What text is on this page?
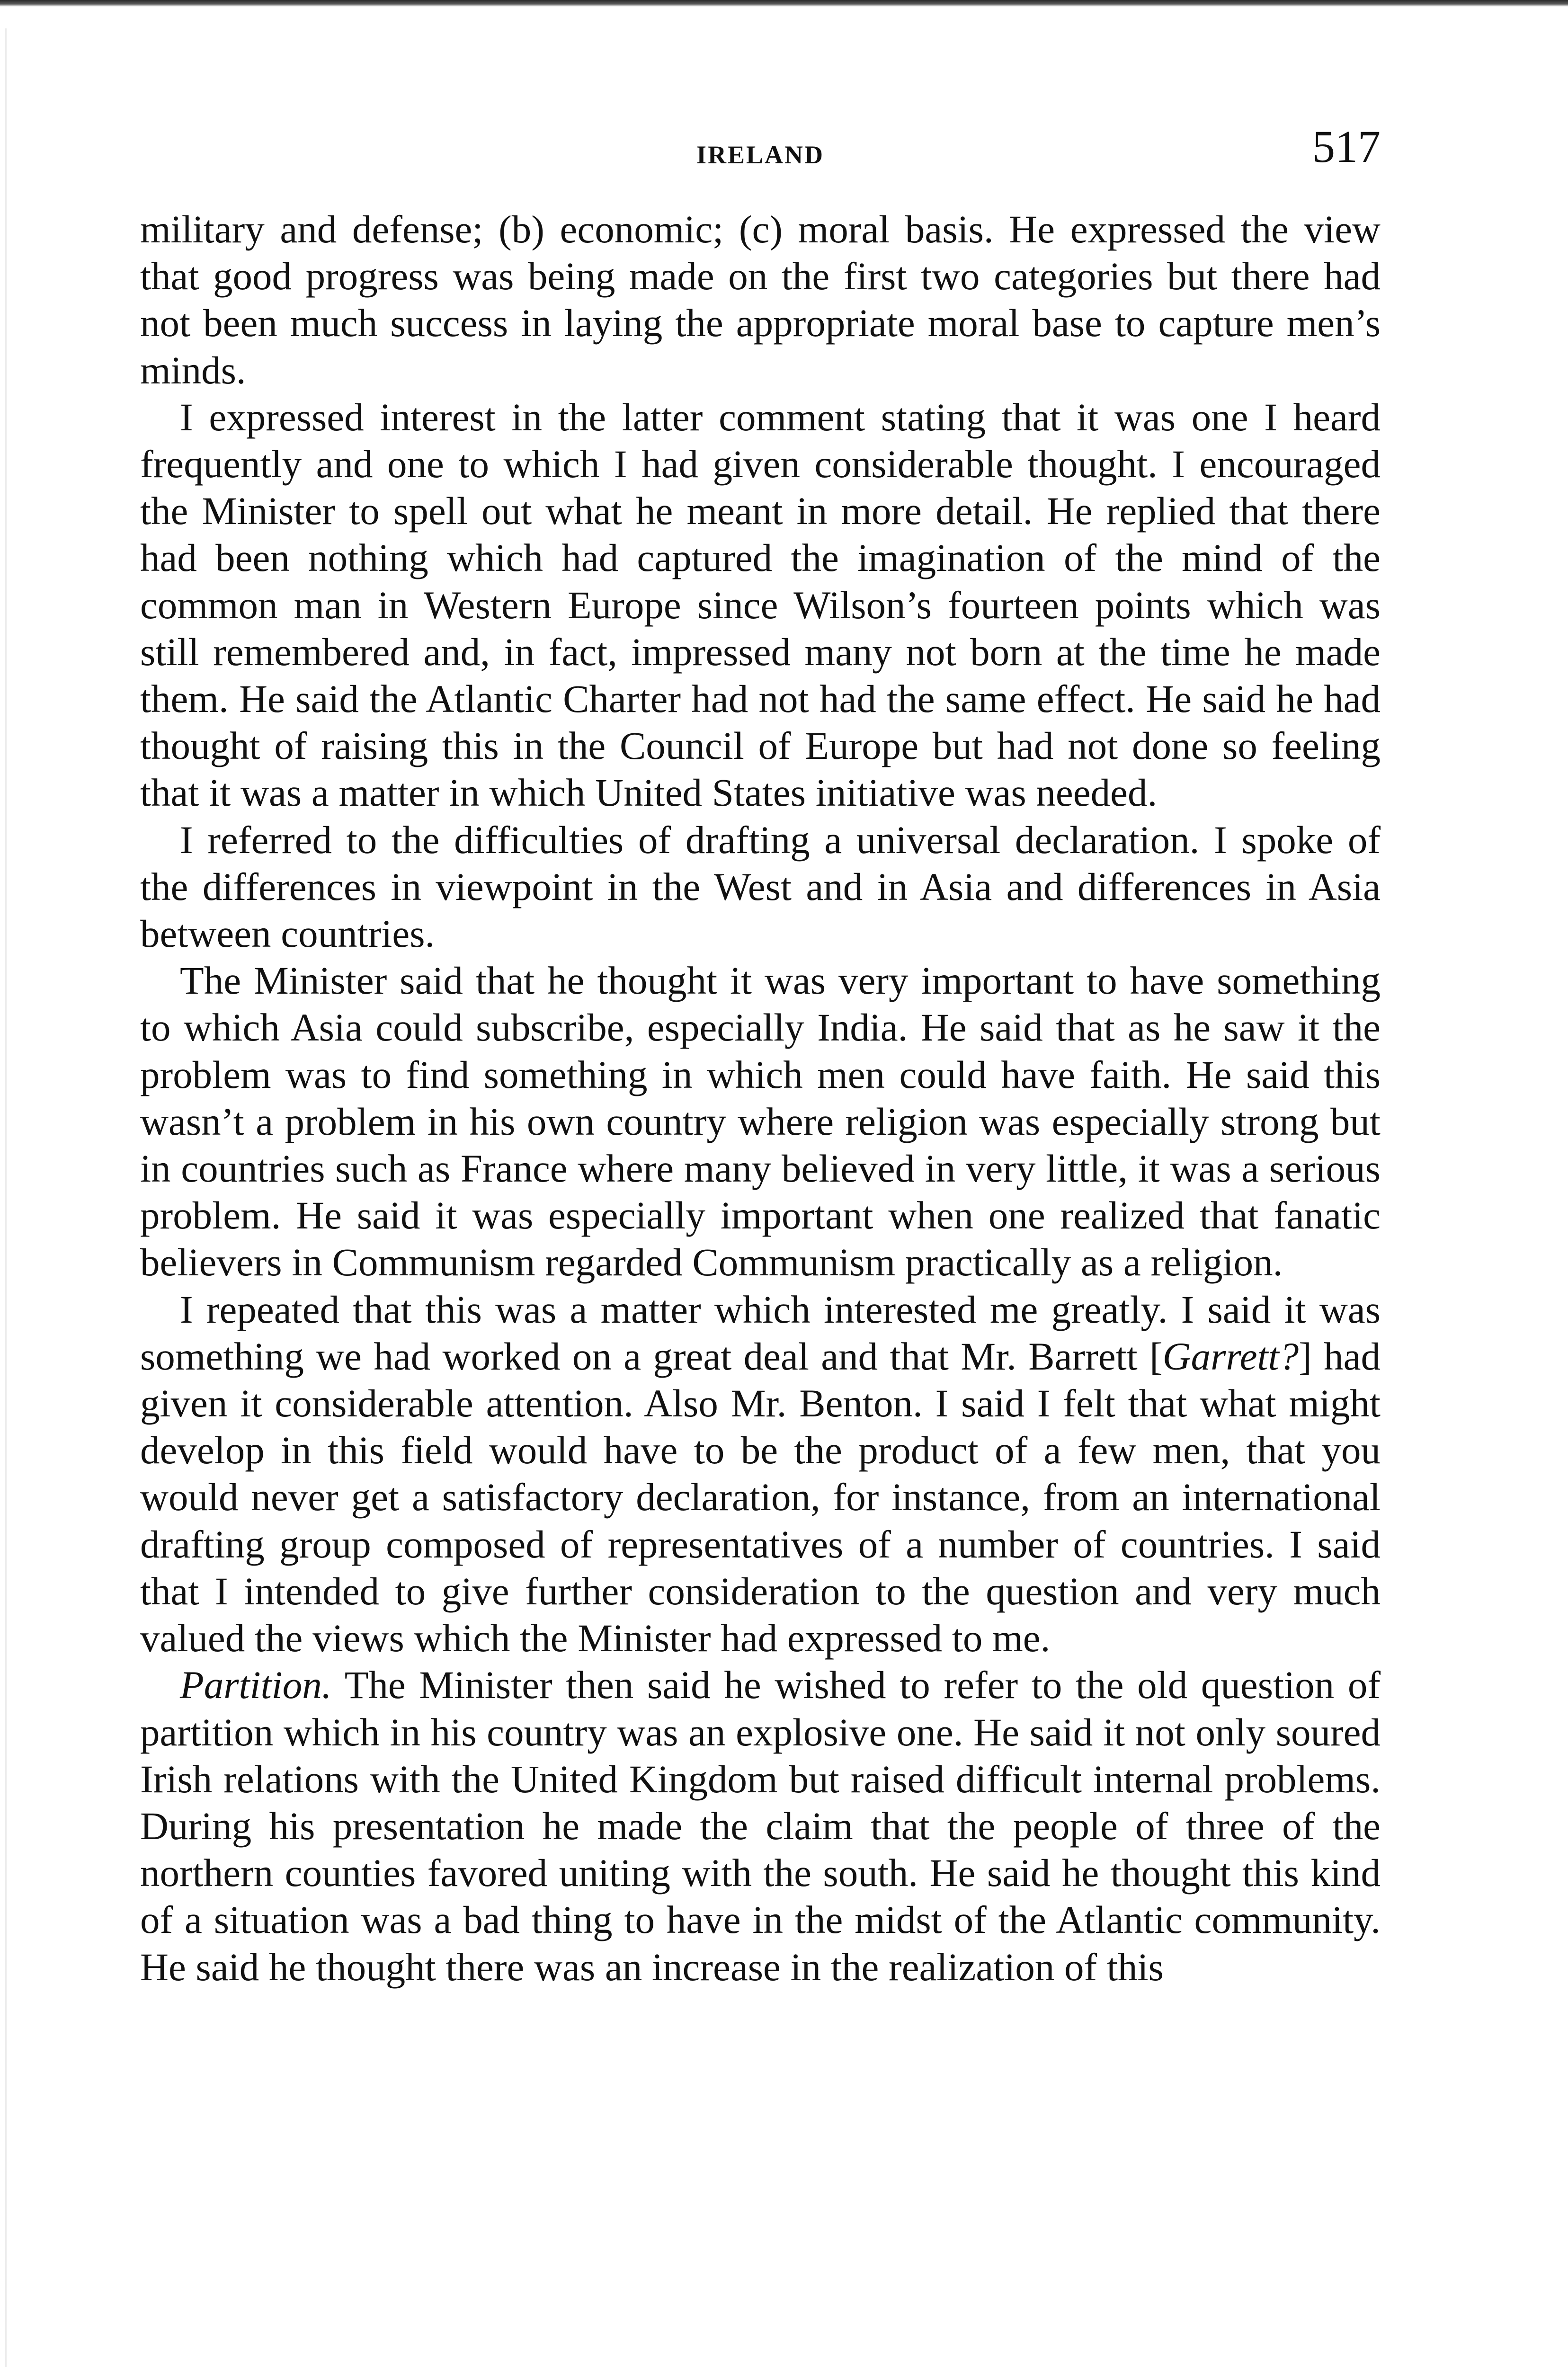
IRELAND	517

military and defense; (b) economic; (c) moral basis. He expressed the view that good progress was being made on the first two categories but there had not been much success in laying the appropriate moral base to capture men’s minds.

I expressed interest in the latter comment stating that it was one I heard frequently and one to which I had given considerable thought. I encouraged the Minister to spell out what he meant in more detail. He replied that there had been nothing which had captured the imagination of the mind of the common man in Western Europe since Wilson’s fourteen points which was still remembered and, in fact, impressed many not born at the time he made them. He said the Atlantic Charter had not had the same effect. He said he had thought of raising this in the Council of Europe but had not done so feeling that it was a matter in which United States initiative was needed.

I referred to the difficulties of drafting a universal declaration. I spoke of the differences in viewpoint in the West and in Asia and differences in Asia between countries.

The Minister said that he thought it was very important to have something to which Asia could subscribe, especially India. He said that as he saw it the problem was to find something in which men could have faith. He said this wasn’t a problem in his own country where religion was especially strong but in countries such as France where many believed in very little, it was a serious problem. He said it was especially important when one realized that fanatic believers in Communism regarded Communism practically as a religion.

I repeated that this was a matter which interested me greatly. I said it was something we had worked on a great deal and that Mr. Barrett [Garrett?] had given it considerable attention. Also Mr. Benton. I said I felt that what might develop in this field would have to be the product of a few men, that you would never get a satisfactory declaration, for instance, from an international drafting group composed of representatives of a number of countries. I said that I intended to give further consideration to the question and very much valued the views which the Minister had expressed to me.

Partition. The Minister then said he wished to refer to the old question of partition which in his country was an explosive one. He said it not only soured Irish relations with the United Kingdom but raised difficult internal problems. During his presentation he made the claim that the people of three of the northern counties favored uniting with the south. He said he thought this kind of a situation was a bad thing to have in the midst of the Atlantic community. He said he thought there was an increase in the realization of this
